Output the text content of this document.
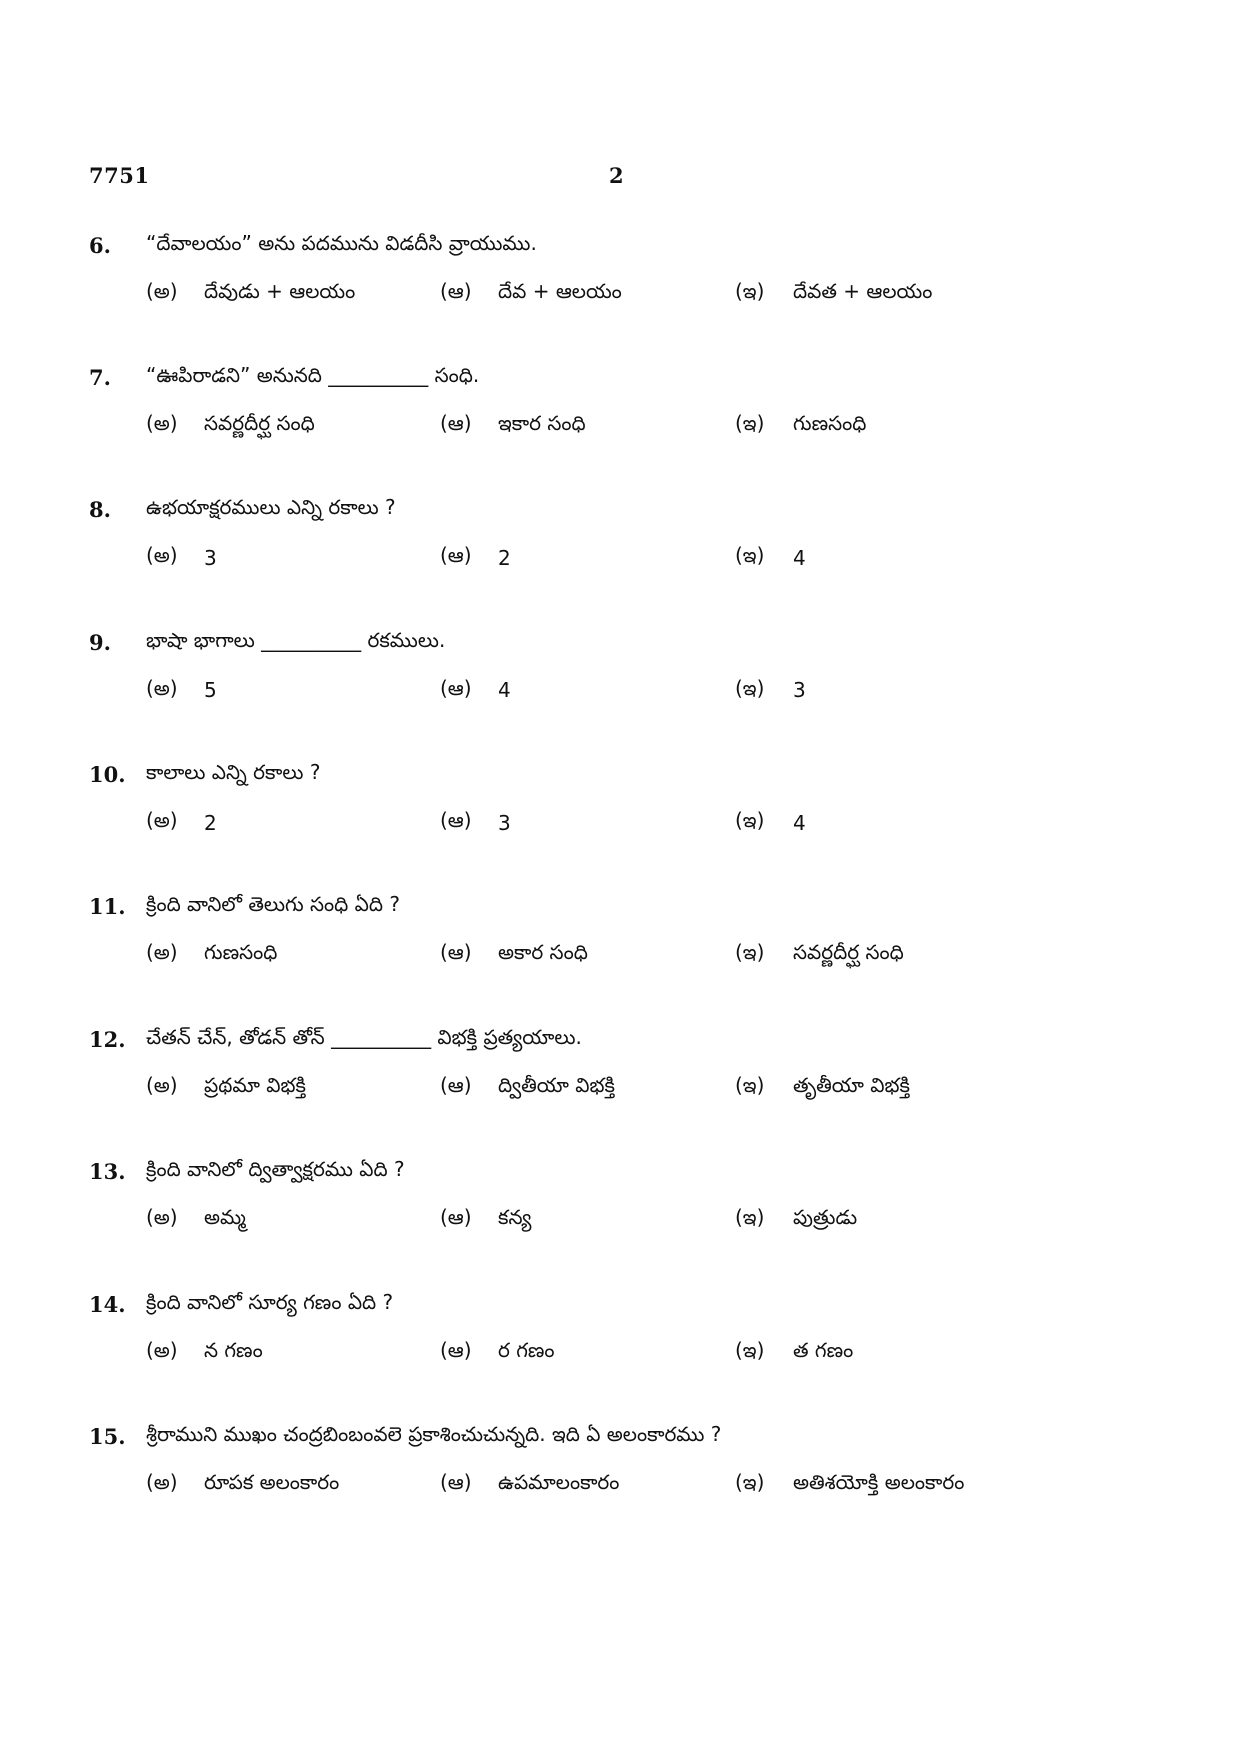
7751	2
6.	“దేవాలయం” అను పదమును విడదీసి వ్రాయుము.
(అ)	దేవుడు + ఆలయం	(ఆ)	దేవ + ఆలయం	(ఇ)	దేవత + ఆలయం
7.	“ఊపిరాడని” అనునది __________ సంధి.
(అ)	సవర్ణదీర్ఘ సంధి	(ఆ)	ఇకార సంధి	(ఇ)	గుణసంధి
8.	ఉభయాక్షరములు ఎన్ని రకాలు ?
(అ)	3	(ఆ)	2	(ఇ)	4
9.	భాషా భాగాలు __________ రకములు.
(అ)	5	(ఆ)	4	(ఇ)	3
10.	కాలాలు ఎన్ని రకాలు ?
(అ)	2	(ఆ)	3	(ఇ)	4
11.	క్రింది వానిలో తెలుగు సంధి ఏది ?
(అ)	గుణసంధి	(ఆ)	అకార సంధి	(ఇ)	సవర్ణదీర్ఘ సంధి
12.	చేతన్ చేన్, తోడన్ తోన్ __________ విభక్తి ప్రత్యయాలు.
(అ)	ప్రథమా విభక్తి	(ఆ)	ద్వితీయా విభక్తి	(ఇ)	తృతీయా విభక్తి
13.	క్రింది వానిలో ద్విత్వాక్షరము ఏది ?
(అ)	అమ్మ	(ఆ)	కన్య	(ఇ)	పుత్రుడు
14.	క్రింది వానిలో సూర్య గణం ఏది ?
(అ)	న గణం	(ఆ)	ర గణం	(ఇ)	త గణం
15.	శ్రీరాముని ముఖం చంద్రబింబంవలె ప్రకాశించుచున్నది. ఇది ఏ అలంకారము ?
(అ)	రూపక అలంకారం	(ఆ)	ఉపమాలంకారం	(ఇ)	అతిశయోక్తి అలంకారం
